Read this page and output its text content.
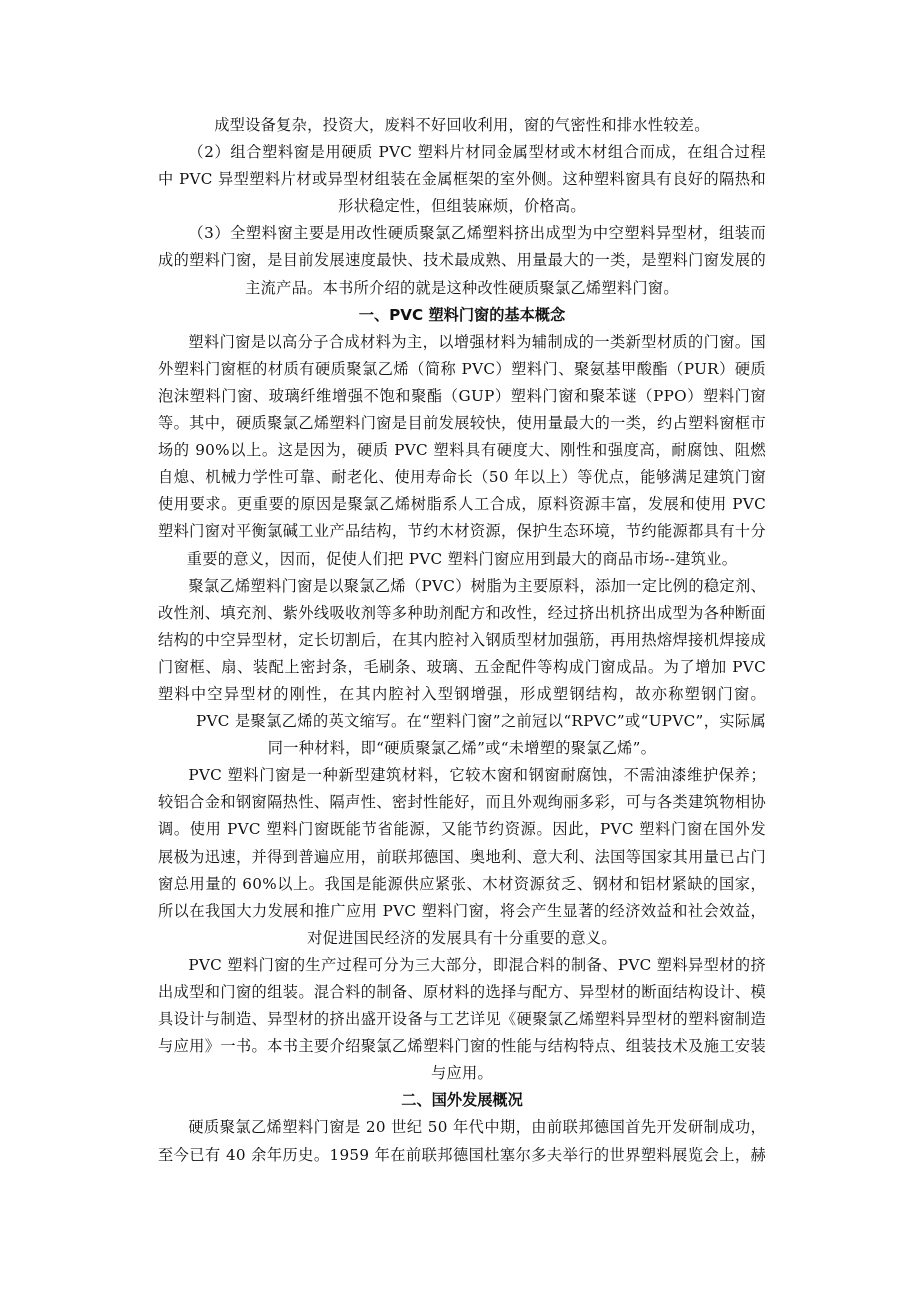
成型设备复杂，投资大，废料不好回收利用，窗的气密性和排水性较差。

（2）组合塑料窗是用硬质 PVC 塑料片材同金属型材或木材组合而成，在组合过程中 PVC 异型塑料片材或异型材组装在金属框架的室外侧。这种塑料窗具有良好的隔热和形状稳定性，但组装麻烦，价格高。

（3）全塑料窗主要是用改性硬质聚氯乙烯塑料挤出成型为中空塑料异型材，组装而成的塑料门窗，是目前发展速度最快、技术最成熟、用量最大的一类，是塑料门窗发展的主流产品。本书所介绍的就是这种改性硬质聚氯乙烯塑料门窗。

一、PVC 塑料门窗的基本概念

塑料门窗是以高分子合成材料为主，以增强材料为辅制成的一类新型材质的门窗。国外塑料门窗框的材质有硬质聚氯乙烯（简称 PVC）塑料门、聚氨基甲酸酯（PUR）硬质泡沫塑料门窗、玻璃纤维增强不饱和聚酯（GUP）塑料门窗和聚苯谜（PPO）塑料门窗等。其中，硬质聚氯乙烯塑料门窗是目前发展较快，使用量最大的一类，约占塑料窗框市场的 90%以上。这是因为，硬质 PVC 塑料具有硬度大、刚性和强度高，耐腐蚀、阻燃自熄、机械力学性可靠、耐老化、使用寿命长（50 年以上）等优点，能够满足建筑门窗使用要求。更重要的原因是聚氯乙烯树脂系人工合成，原料资源丰富，发展和使用 PVC 塑料门窗对平衡氯碱工业产品结构，节约木材资源，保护生态环境，节约能源都具有十分重要的意义，因而，促使人们把 PVC 塑料门窗应用到最大的商品市场--建筑业。

聚氯乙烯塑料门窗是以聚氯乙烯（PVC）树脂为主要原料，添加一定比例的稳定剂、改性剂、填充剂、紫外线吸收剂等多种助剂配方和改性，经过挤出机挤出成型为各种断面结构的中空异型材，定长切割后，在其内腔衬入钢质型材加强筋，再用热熔焊接机焊接成门窗框、扇、装配上密封条，毛刷条、玻璃、五金配件等构成门窗成品。为了增加 PVC 塑料中空异型材的刚性，在其内腔衬入型钢增强，形成塑钢结构，故亦称塑钢门窗。PVC 是聚氯乙烯的英文缩写。在“塑料门窗”之前冠以“RPVC”或“UPVC”，实际属同一种材料，即“硬质聚氯乙烯”或“未增塑的聚氯乙烯”。

PVC 塑料门窗是一种新型建筑材料，它较木窗和钢窗耐腐蚀，不需油漆维护保养；较铝合金和钢窗隔热性、隔声性、密封性能好，而且外观绚丽多彩，可与各类建筑物相协调。使用 PVC 塑料门窗既能节省能源，又能节约资源。因此，PVC 塑料门窗在国外发展极为迅速，并得到普遍应用，前联邦德国、奥地利、意大利、法国等国家其用量已占门窗总用量的 60%以上。我国是能源供应紧张、木材资源贫乏、钢材和铝材紧缺的国家，所以在我国大力发展和推广应用 PVC 塑料门窗，将会产生显著的经济效益和社会效益，对促进国民经济的发展具有十分重要的意义。

PVC 塑料门窗的生产过程可分为三大部分，即混合料的制备、PVC 塑料异型材的挤出成型和门窗的组装。混合料的制备、原材料的选择与配方、异型材的断面结构设计、模具设计与制造、异型材的挤出盛开设备与工艺详见《硬聚氯乙烯塑料异型材的塑料窗制造与应用》一书。本书主要介绍聚氯乙烯塑料门窗的性能与结构特点、组装技术及施工安装与应用。

二、国外发展概况

硬质聚氯乙烯塑料门窗是 20 世纪 50 年代中期，由前联邦德国首先开发研制成功，至今已有 40 余年历史。1959 年在前联邦德国杜塞尔多夫举行的世界塑料展览会上，赫
